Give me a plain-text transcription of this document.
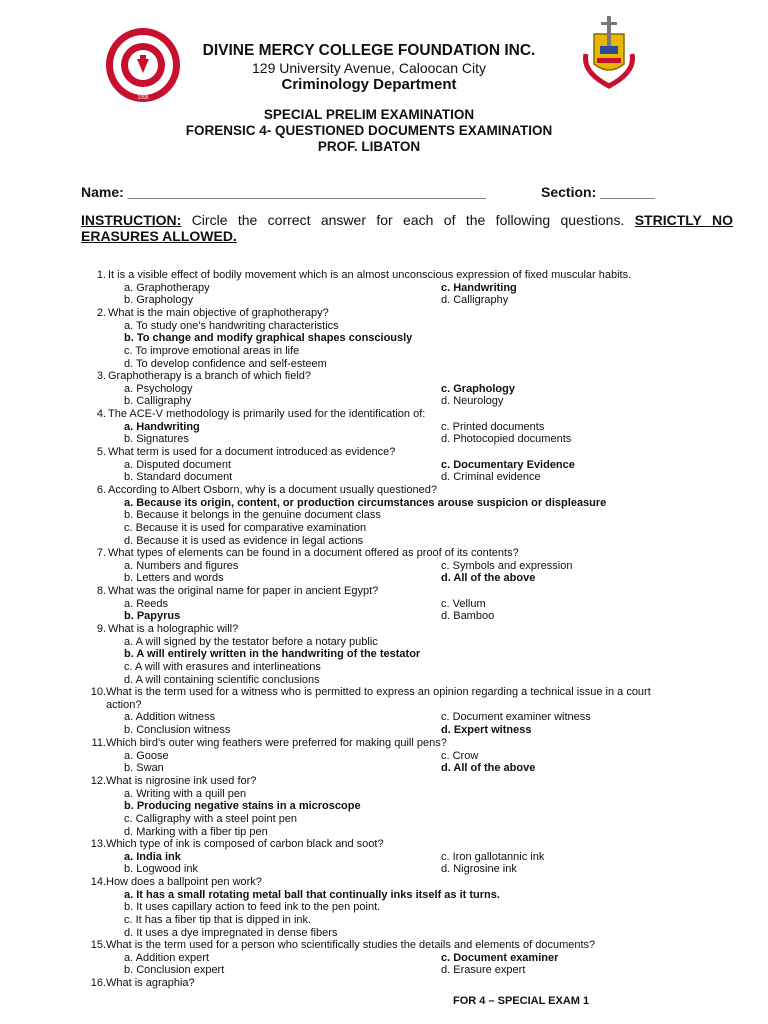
1995
DIVINE MERCY COLLEGE FOUNDATION INC.
129 University Avenue, Caloocan City
Criminology Department
SPECIAL PRELIM EXAMINATION
FORENSIC 4- QUESTIONED DOCUMENTS EXAMINATION
PROF. LIBATON
Name: ______________________________________________	Section: _______
INSTRUCTION: Circle the correct answer for each of the following questions. STRICTLY NO ERASURES ALLOWED.
1. It is a visible effect of bodily movement which is an almost unconscious expression of fixed muscular habits.
a. Graphotherapy	c. Handwriting
b. Graphology	d. Calligraphy
2. What is the main objective of graphotherapy?
a. To study one's handwriting characteristics
b. To change and modify graphical shapes consciously
c. To improve emotional areas in life
d. To develop confidence and self-esteem
3. Graphotherapy is a branch of which field?
a. Psychology	c. Graphology
b. Calligraphy	d. Neurology
4. The ACE-V methodology is primarily used for the identification of:
a. Handwriting	c. Printed documents
b. Signatures	d. Photocopied documents
5. What term is used for a document introduced as evidence?
a. Disputed document	c. Documentary Evidence
b. Standard document	d. Criminal evidence
6. According to Albert Osborn, why is a document usually questioned?
a. Because its origin, content, or production circumstances arouse suspicion or displeasure
b. Because it belongs in the genuine document class
c. Because it is used for comparative examination
d. Because it is used as evidence in legal actions
7. What types of elements can be found in a document offered as proof of its contents?
a. Numbers and figures	c. Symbols and expression
b. Letters and words	d. All of the above
8. What was the original name for paper in ancient Egypt?
a. Reeds	c. Vellum
b. Papyrus	d. Bamboo
9. What is a holographic will?
a. A will signed by the testator before a notary public
b. A will entirely written in the handwriting of the testator
c. A will with erasures and interlineations
d. A will containing scientific conclusions
10. What is the term used for a witness who is permitted to express an opinion regarding a technical issue in a court
action?
a. Addition witness	c. Document examiner witness
b. Conclusion witness	d. Expert witness
11. Which bird's outer wing feathers were preferred for making quill pens?
a. Goose	c. Crow
b. Swan	d. All of the above
12. What is nigrosine ink used for?
a. Writing with a quill pen
b. Producing negative stains in a microscope
c. Calligraphy with a steel point pen
d. Marking with a fiber tip pen
13. Which type of ink is composed of carbon black and soot?
a. India ink	c. Iron gallotannic ink
b. Logwood ink	d. Nigrosine ink
14. How does a ballpoint pen work?
a. It has a small rotating metal ball that continually inks itself as it turns.
b. It uses capillary action to feed ink to the pen point.
c. It has a fiber tip that is dipped in ink.
d. It uses a dye impregnated in dense fibers
15. What is the term used for a person who scientifically studies the details and elements of documents?
a. Addition expert	c. Document examiner
b. Conclusion expert	d. Erasure expert
16. What is agraphia?
FOR 4 – SPECIAL EXAM 1
